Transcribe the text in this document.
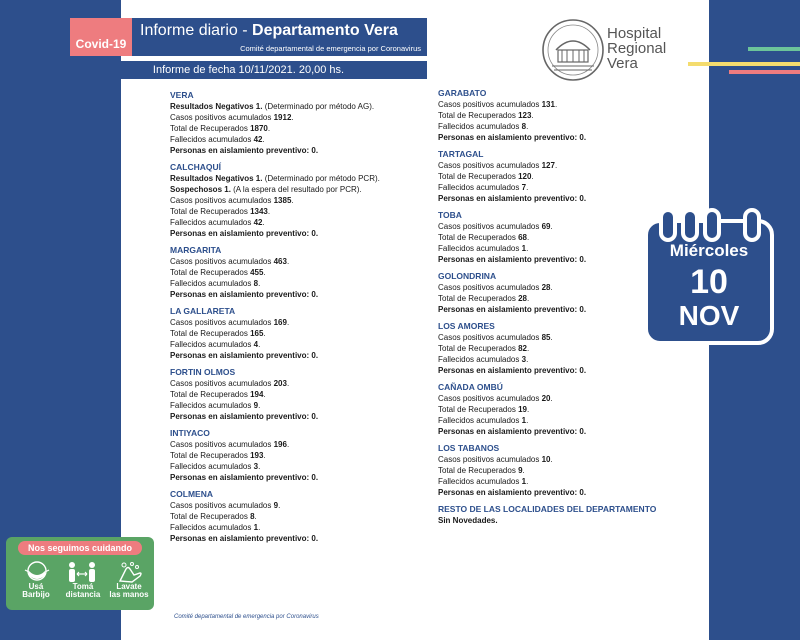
Covid-19
Informe diario - Departamento Vera
Comité departamental de emergencia por Coronavirus
Informe de fecha 10/11/2021. 20,00 hs.
Hospital
Regional
Vera
VERA
Resultados Negativos 1. (Determinado por método AG).
Casos positivos acumulados 1912.
Total de Recuperados 1870.
Fallecidos acumulados 42.
Personas en aislamiento preventivo: 0.
CALCHAQUÍ
Resultados Negativos 1. (Determinado por método PCR).
Sospechosos 1. (A la espera del resultado por PCR).
Casos positivos acumulados 1385.
Total de Recuperados 1343.
Fallecidos acumulados 42.
Personas en aislamiento preventivo: 0.
MARGARITA
Casos positivos acumulados 463.
Total de Recuperados 455.
Fallecidos acumulados 8.
Personas en aislamiento preventivo: 0.
LA GALLARETA
Casos positivos acumulados 169.
Total de Recuperados 165.
Fallecidos acumulados 4.
Personas en aislamiento preventivo: 0.
FORTIN OLMOS
Casos positivos acumulados 203.
Total de Recuperados 194.
Fallecidos acumulados 9.
Personas en aislamiento preventivo: 0.
INTIYACO
Casos positivos acumulados 196.
Total de Recuperados 193.
Fallecidos acumulados 3.
Personas en aislamiento preventivo: 0.
COLMENA
Casos positivos acumulados 9.
Total de Recuperados 8.
Fallecidos acumulados 1.
Personas en aislamiento preventivo: 0.
GARABATO
Casos positivos acumulados 131.
Total de Recuperados 123.
Fallecidos acumulados 8.
Personas en aislamiento preventivo: 0.
TARTAGAL
Casos positivos acumulados 127.
Total de Recuperados 120.
Fallecidos acumulados 7.
Personas en aislamiento preventivo: 0.
TOBA
Casos positivos acumulados 69.
Total de Recuperados 68.
Fallecidos acumulados 1.
Personas en aislamiento preventivo: 0.
GOLONDRINA
Casos positivos acumulados 28.
Total de Recuperados 28.
Personas en aislamiento preventivo: 0.
LOS AMORES
Casos positivos acumulados 85.
Total de Recuperados 82.
Fallecidos acumulados 3.
Personas en aislamiento preventivo: 0.
CAÑADA OMBÚ
Casos positivos acumulados 20.
Total de Recuperados 19.
Fallecidos acumulados 1.
Personas en aislamiento preventivo: 0.
LOS TABANOS
Casos positivos acumulados 10.
Total de Recuperados 9.
Fallecidos acumulados 1.
Personas en aislamiento preventivo: 0.
RESTO DE LAS LOCALIDADES DEL DEPARTAMENTO
Sin Novedades.
Miércoles
10
NOV
Nos seguimos cuidando
Usá
Barbijo
Tomá
distancia
Lavate
las manos
Comité departamental de emergencia por Coronavirus
